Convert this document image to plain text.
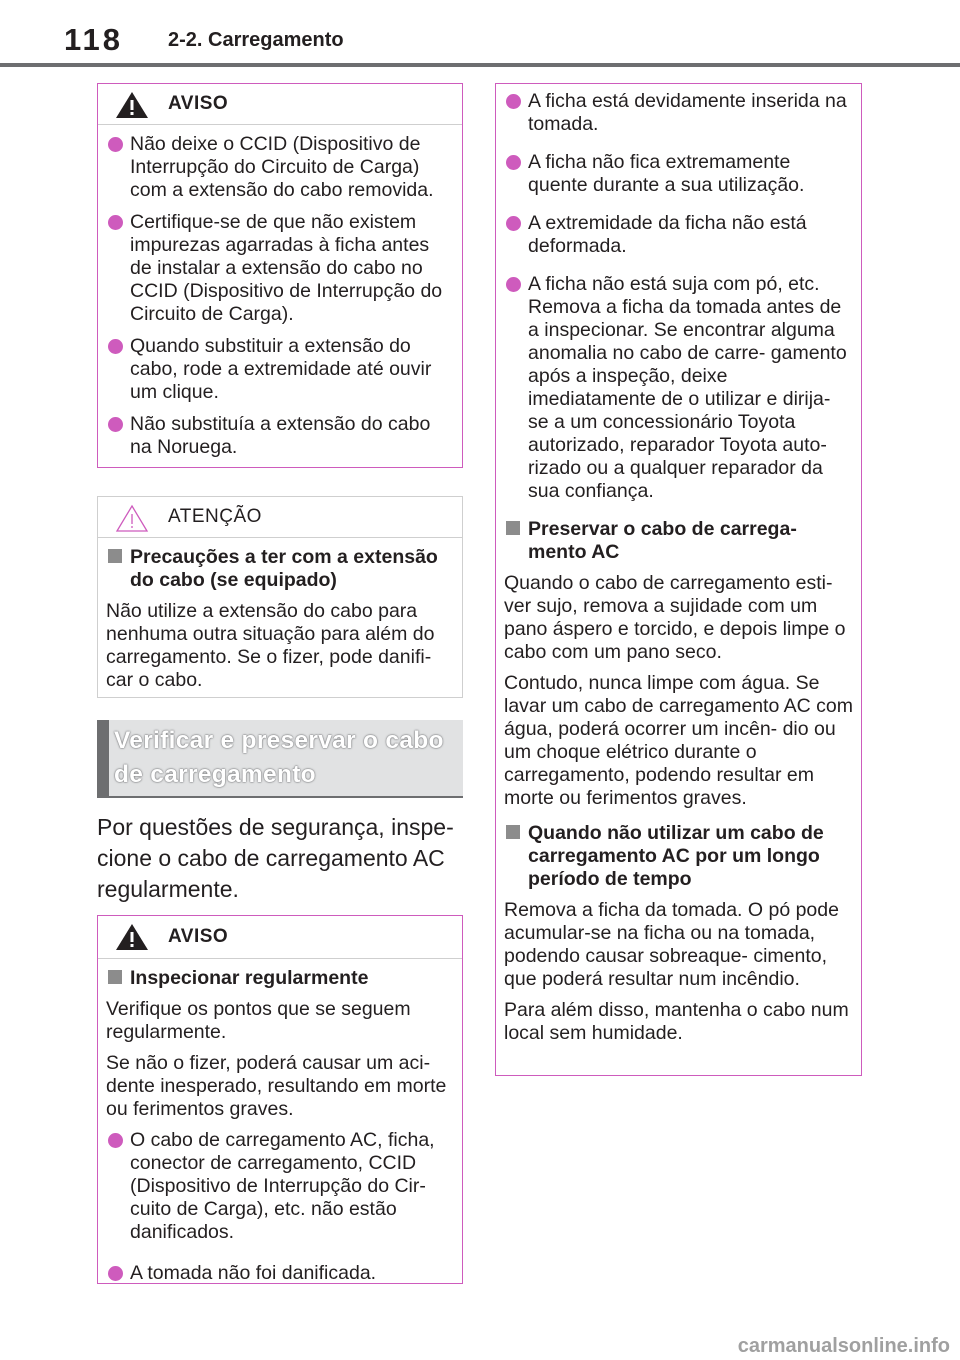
118 2-2. Carregamento
AVISO
Não deixe o CCID (Dispositivo de Interrupção do Circuito de Carga) com a extensão do cabo removida.
Certifique-se de que não existem impurezas agarradas à ficha antes de instalar a extensão do cabo no CCID (Dispositivo de Interrupção do Circuito de Carga).
Quando substituir a extensão do cabo, rode a extremidade até ouvir um clique.
Não substituía a extensão do cabo na Noruega.
ATENÇÃO
Precauções a ter com a extensão do cabo (se equipado)
Não utilize a extensão do cabo para nenhuma outra situação para além do carregamento. Se o fizer, pode danifi- car o cabo.
Verificar e preservar o cabo de carregamento
Por questões de segurança, inspe- cione o cabo de carregamento AC regularmente.
AVISO
Inspecionar regularmente
Verifique os pontos que se seguem regularmente.
Se não o fizer, poderá causar um aci- dente inesperado, resultando em morte ou ferimentos graves.
O cabo de carregamento AC, ficha, conector de carregamento, CCID (Dispositivo de Interrupção do Cir- cuito de Carga), etc. não estão danificados.
A tomada não foi danificada.
A ficha está devidamente inserida na tomada.
A ficha não fica extremamente quente durante a sua utilização.
A extremidade da ficha não está deformada.
A ficha não está suja com pó, etc. Remova a ficha da tomada antes de a inspecionar. Se encontrar alguma anomalia no cabo de carre- gamento após a inspeção, deixe imediatamente de o utilizar e dirija- se a um concessionário Toyota autorizado, reparador Toyota auto- rizado ou a qualquer reparador da sua confiança.
Preservar o cabo de carrega- mento AC
Quando o cabo de carregamento esti- ver sujo, remova a sujidade com um pano áspero e torcido, e depois limpe o cabo com um pano seco.
Contudo, nunca limpe com água. Se lavar um cabo de carregamento AC com água, poderá ocorrer um incên- dio ou um choque elétrico durante o carregamento, podendo resultar em morte ou ferimentos graves.
Quando não utilizar um cabo de carregamento AC por um longo período de tempo
Remova a ficha da tomada. O pó pode acumular-se na ficha ou na tomada, podendo causar sobreaque- cimento, que poderá resultar num incêndio.
Para além disso, mantenha o cabo num local sem humidade.
carmanualsonline.info
